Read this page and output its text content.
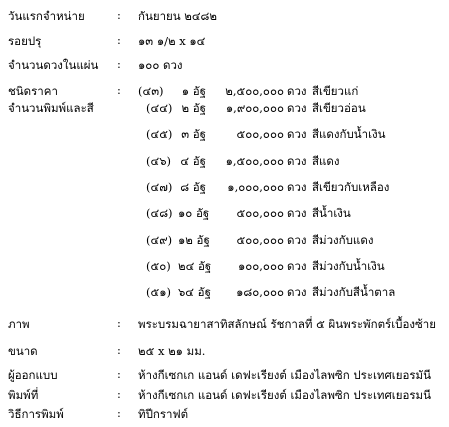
วันแรกจำหน่าย	: กันยายน ๒๔๘๒
รอยปรุ	: ๑๓ ๑/๒ x ๑๔
จำนวนดวงในแผ่น : ๑๐๐ ดวง
ชนิดราคา	: (๔๓)	๑ อัฐ	๒,๕๐๐,๐๐๐ ดวง สีเขียวแก่
จำนวนพิมพ์และสี	(๔๔) ๒ อัฐ	๑,๙๐๐,๐๐๐ ดวง สีเขียวอ่อน
(๔๕) ๓ อัฐ	๕๐๐,๐๐๐ ดวง สีแดงกับน้ำเงิน
(๔๖) ๔ อัฐ	๑,๕๐๐,๐๐๐ ดวง สีแดง
(๔๗) ๘ อัฐ	๑,๐๐๐,๐๐๐ ดวง สีเขียวกับเหลือง
(๔๘) ๑๐ อัฐ	๕๐๐,๐๐๐ ดวง สีน้ำเงิน
(๔๙) ๑๒ อัฐ	๕๐๐,๐๐๐ ดวง สีม่วงกับแดง
(๕๐) ๒๔ อัฐ	๑๐๐,๐๐๐ ดวง สีม่วงกับน้ำเงิน
(๕๑) ๖๔ อัฐ	๑๘๐,๐๐๐ ดวง สีม่วงกับสีน้ำตาล
ภาพ	: พระบรมฉายาสาทิสลักษณ์ รัชกาลที่ ๕ ผินพระพักตร์เบื้องซ้าย
ขนาด	: ๒๕ x ๒๑ มม.
ผู้ออกแบบ	: ห้างกีเซกเก แอนด์ เดฟะเรียงต์ เมืองไลพซิก ประเทศเยอรมันี
พิมพ์ที่	: ห้างกีเซกเก แอนด์ เดฟะเรียงต์ เมืองไลพซิก ประเทศเยอรมนี
วิธีการพิมพ์	: ทิปีกราฟต์
